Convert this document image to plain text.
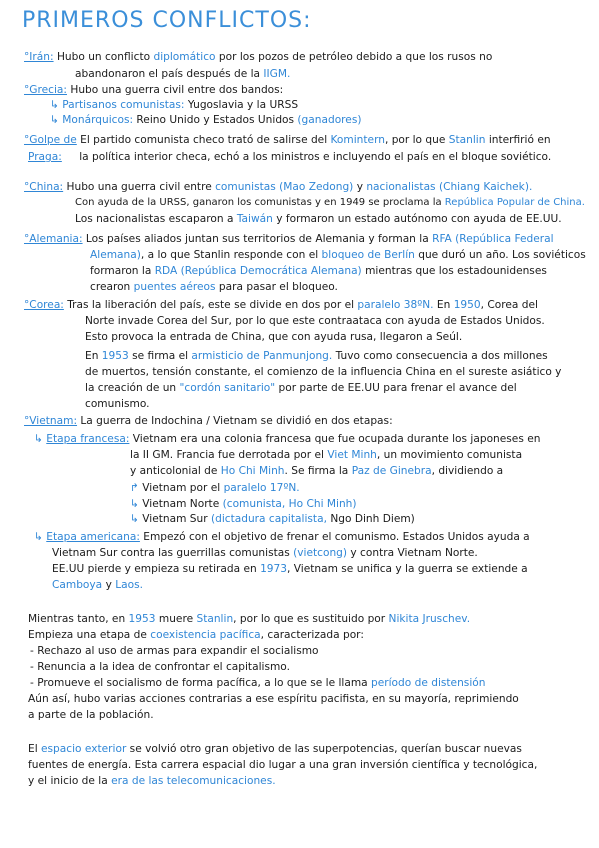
PRIMEROS CONFLICTOS:
°Irán: Hubo un conflicto diplomático por los pozos de petróleo debido a que los rusos no
abandonaron el país después de la IIGM.
°Grecia: Hubo una guerra civil entre dos bandos:
↳ Partisanos comunistas: Yugoslavia y la URSS
↳ Monárquicos: Reino Unido y Estados Unidos (ganadores)
°Golpe de El partido comunista checo trató de salirse del Komintern, por lo que Stanlin interfirió en
Praga: la política interior checa, echó a los ministros e incluyendo el país en el bloque soviético.
°China: Hubo una guerra civil entre comunistas (Mao Zedong) y nacionalistas (Chiang Kaichek).
Con ayuda de la URSS, ganaron los comunistas y en 1949 se proclama la República Popular de China.
Los nacionalistas escaparon a Taiwán y formaron un estado autónomo con ayuda de EE.UU.
°Alemania: Los países aliados juntan sus territorios de Alemania y forman la RFA (República Federal
Alemana), a lo que Stanlin responde con el bloqueo de Berlín que duró un año. Los soviéticos
formaron la RDA (República Democrática Alemana) mientras que los estadounidenses
crearon puentes aéreos para pasar el bloqueo.
°Corea: Tras la liberación del país, este se divide en dos por el paralelo 38ºN. En 1950, Corea del
Norte invade Corea del Sur, por lo que este contraataca con ayuda de Estados Unidos.
Esto provoca la entrada de China, que con ayuda rusa, llegaron a Seúl.
En 1953 se firma el armisticio de Panmunjong. Tuvo como consecuencia a dos millones
de muertos, tensión constante, el comienzo de la influencia China en el sureste asiático y
la creación de un "cordón sanitario" por parte de EE.UU para frenar el avance del
comunismo.
°Vietnam: La guerra de Indochina / Vietnam se dividió en dos etapas:
↳ Etapa francesa: Vietnam era una colonia francesa que fue ocupada durante los japoneses en
la II GM. Francia fue derrotada por el Viet Minh, un movimiento comunista
y anticolonial de Ho Chi Minh. Se firma la Paz de Ginebra, dividiendo a
↱ Vietnam por el paralelo 17ºN.
↳ Vietnam Norte (comunista, Ho Chi Minh)
↳ Vietnam Sur (dictadura capitalista, Ngo Dinh Diem)
↳ Etapa americana: Empezó con el objetivo de frenar el comunismo. Estados Unidos ayuda a
Vietnam Sur contra las guerrillas comunistas (vietcong) y contra Vietnam Norte.
EE.UU pierde y empieza su retirada en 1973, Vietnam se unifica y la guerra se extiende a
Camboya y Laos.
Mientras tanto, en 1953 muere Stanlin, por lo que es sustituido por Nikita Jruschev.
Empieza una etapa de coexistencia pacífica, caracterizada por:
- Rechazo al uso de armas para expandir el socialismo
- Renuncia a la idea de confrontar el capitalismo.
- Promueve el socialismo de forma pacífica, a lo que se le llama período de distensión
Aún así, hubo varias acciones contrarias a ese espíritu pacifista, en su mayoría, reprimiendo
a parte de la población.
El espacio exterior se volvió otro gran objetivo de las superpotencias, querían buscar nuevas
fuentes de energía. Esta carrera espacial dio lugar a una gran inversión científica y tecnológica,
y el inicio de la era de las telecomunicaciones.
